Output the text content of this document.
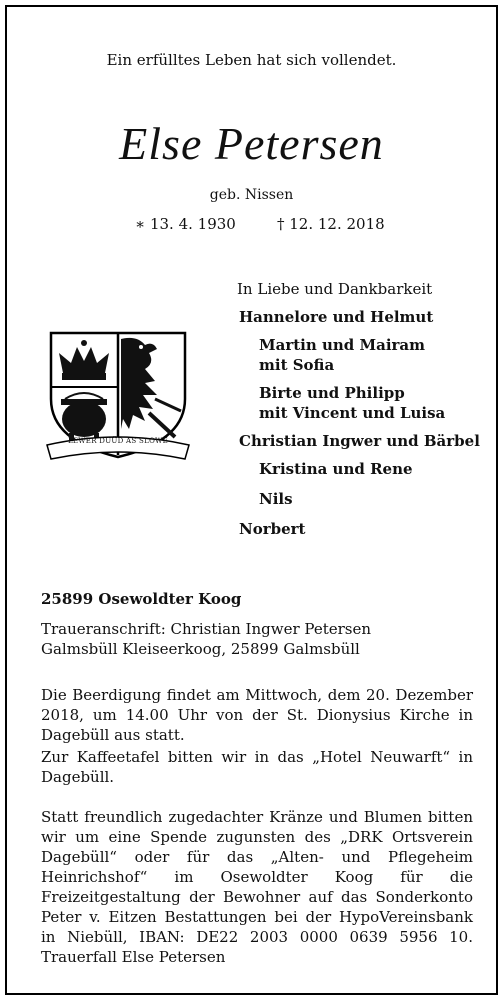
Ein erfülltes Leben hat sich vollendet.
Else Petersen
geb. Nissen
∗ 13. 4. 1930	† 12. 12. 2018
LEWER DUÜD AS SLOWE
In Liebe und Dankbarkeit
Hannelore und Helmut
Martin und Mairam
mit Sofia
Birte und Philipp
mit Vincent und Luisa
Christian Ingwer und Bärbel
Kristina und Rene
Nils
Norbert
25899 Osewoldter Koog
Traueranschrift: Christian Ingwer Petersen
Galmsbüll Kleiseerkoog, 25899 Galmsbüll
Die Beerdigung findet am Mittwoch, dem 20. Dezember 2018, um 14.00 Uhr von der St. Dionysius Kirche in Dagebüll aus statt.
Zur Kaffeetafel bitten wir in das „Hotel Neuwarft“ in Dagebüll.
Statt freundlich zugedachter Kränze und Blumen bitten wir um eine Spende zugunsten des „DRK Ortsverein Dagebüll“ oder für das „Alten- und Pflegeheim Heinrichshof“ im Osewoldter Koog für die Freizeitgestaltung der Bewohner auf das Sonderkonto Peter v. Eitzen Bestattungen bei der HypoVereinsbank in Niebüll, IBAN: DE22 2003 0000 0639 5956 10. Trauerfall Else Petersen
